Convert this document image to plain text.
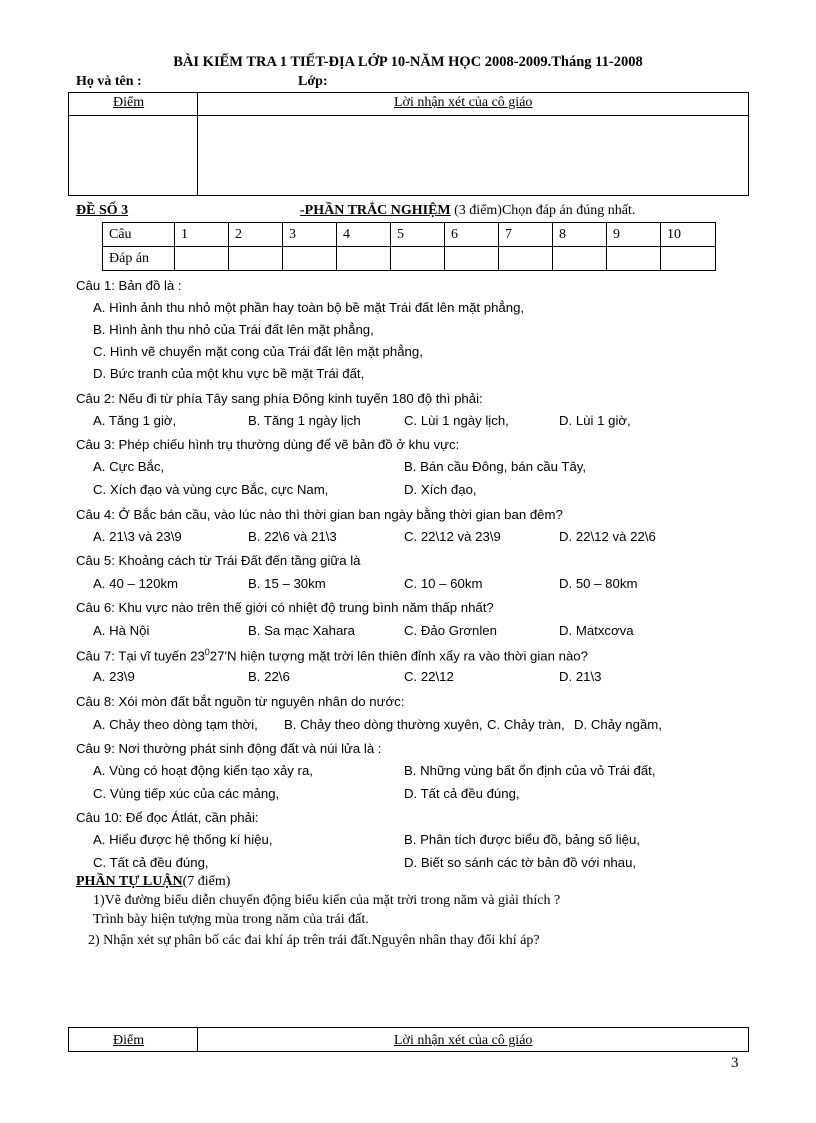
BÀI KIỂM TRA 1 TIẾT-ĐỊA LỚP 10-NĂM HỌC 2008-2009.Tháng 11-2008
Họ và tên :	Lớp:
Điểm	Lời nhận xét của cô giáo
ĐỀ SỐ 3	-PHẦN TRẮC NGHIỆM (3 điểm)Chọn đáp án đúng nhất.
Câu	1	2	3	4	5	6	7	8	9	10
Đáp án										
Câu 1: Bản đồ là :
A. Hình ảnh thu nhỏ một phần hay toàn bộ bề mặt Trái đất lên mặt phẳng,
B. Hình ảnh thu nhỏ của Trái đất lên mặt phẳng,
C. Hình vẽ chuyển mặt cong của Trái đất lên mặt phẳng,
D. Bức tranh của một khu vực bề mặt Trái đất,
Câu 2: Nếu đi từ phía Tây sang phía Đông kinh tuyến 180 độ thì phải:
A. Tăng 1 giờ,	B. Tăng 1 ngày lịch	C. Lùi 1 ngày lịch,	D. Lùi 1 giờ,
Câu 3: Phép chiếu hình trụ thường dùng để vẽ bản đồ ở khu vực:
A. Cực Bắc,	B. Bán cầu Đông, bán cầu Tây,
C. Xích đạo và vùng cực Bắc, cực Nam,	D. Xích đạo,
Câu 4: Ở Bắc bán cầu, vào lúc nào thì thời gian ban ngày bằng thời gian ban đêm?
A. 21\3 và 23\9	B. 22\6 và 21\3	C. 22\12 và 23\9	D. 22\12 và 22\6
Câu 5: Khoảng cách từ Trái Đất đến tầng giữa là
A. 40 – 120km	B. 15 – 30km	C. 10 – 60km	D. 50 – 80km
Câu 6: Khu vực nào trên thế giới có nhiệt độ trung bình năm thấp nhất?
A. Hà Nội	B. Sa mạc Xahara	C. Đảo Grơnlen	D. Matxcơva
Câu 7: Tại vĩ tuyến $23^027'N$ hiện tượng mặt trời lên thiên đỉnh xẩy ra vào thời gian nào?
A. 23\9	B. 22\6	C. 22\12	D. 21\3
Câu 8: Xói mòn đất bắt nguồn từ nguyên nhân do nước:
A. Chảy theo dòng tạm thời, B. Chảy theo dòng thường xuyên, C. Chảy tràn, D. Chảy ngầm,
Câu 9: Nơi thường phát sinh động đất và núi lửa là :
A. Vùng có hoạt động kiến tạo xảy ra,	B. Những vùng bất ổn định của vỏ Trái đất,
C. Vùng tiếp xúc của các mảng,	D. Tất cả đều đúng,
Câu 10: Để đọc Átlát, cần phải:
A. Hiểu được hệ thống kí hiệu,	B. Phân tích được biểu đồ, bảng số liệu,
C. Tất cả đều đúng,	D. Biết so sánh các tờ bản đồ với nhau,
PHẦN TỰ LUẬN(7 điểm)
1)Vẽ đường biểu diễn chuyển động biểu kiến của mặt trời trong năm và giải thích ?
Trình bày hiện tượng mùa trong năm của trái đất.
2) Nhận xét sự phân bố các đai khí áp trên trái đất.Nguyên nhân thay đổi khí áp?
Điểm	Lời nhận xét của cô giáo
3
